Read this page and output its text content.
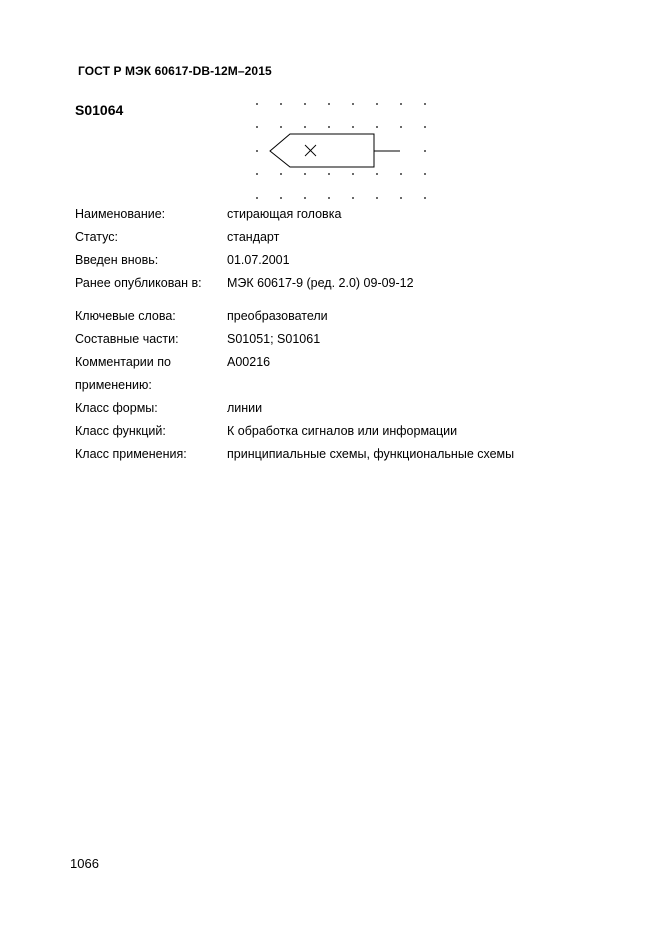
ГОСТ Р МЭК 60617-DB-12M–2015
S01064
Наименование:	стирающая головка
Статус:	стандарт
Введен вновь:	01.07.2001
Ранее опубликован в:	МЭК 60617-9 (ред. 2.0) 09-09-12
Ключевые слова:	преобразователи
Составные части:	S01051; S01061
Комментарии по применению:
A00216
Класс формы:	линии
Класс функций:	К обработка сигналов или информации
Класс применения:	принципиальные схемы, функциональные схемы
1066
